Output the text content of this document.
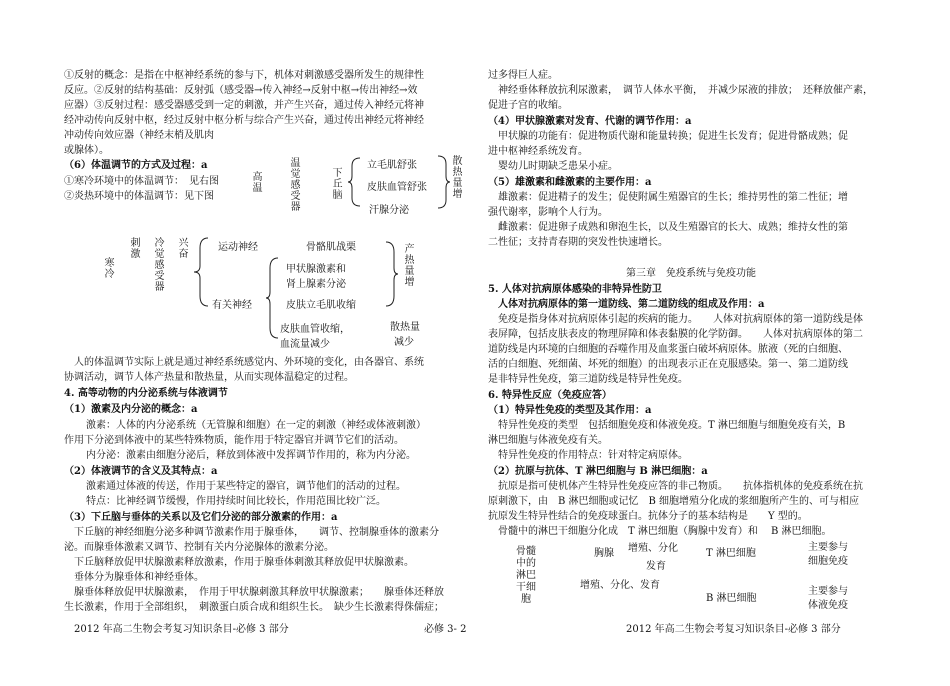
①反射的概念：是指在中枢神经系统的参与下，机体对刺激感受器所发生的规律性
反应。②反射的结构基础：反射弧（感受器→传入神经→反射中枢→传出神经→效
应器）③反射过程：感受器感受到一定的刺激，并产生兴奋，通过传入神经元将神
经冲动传向反射中枢，经过反射中枢分析与综合产生兴奋，通过传出神经元将神经
冲动传向效应器（神经末梢及肌肉
或腺体）。
（6）体温调节的方式及过程：a
①寒冷环境中的体温调节：　见右图
②炎热环境中的体温调节：见下图
高温
温觉感受器
下丘脑
立毛肌舒张
皮肤血管舒张
汗腺分泌
散热量增
寒冷
刺激
冷觉感受器
兴奋
运动神经
有关神经
骨骼肌战栗
甲状腺激素和
肾上腺素分泌
皮肤立毛肌收缩
皮肤血管收缩，
血流量减少
产热量增
散热量
减少
人的体温调节实际上就是通过神经系统感觉内、外环境的变化，由各器官、系统
协调活动，调节人体产热量和散热量，从而实现体温稳定的过程。
4. 高等动物的内分泌系统与体液调节
（1）激素及内分泌的概念：a
激素：人体的内分泌系统（无管腺和细胞）在一定的刺激（神经或体液刺激）
作用下分泌到体液中的某些特殊物质，能作用于特定器官并调节它们的活动。
内分泌：激素由细胞分泌后，释放到体液中发挥调节作用的，称为内分泌。
（2）体液调节的含义及其特点：a
激素通过体液的传送，作用于某些特定的器官，调节他们的活动的过程。
特点：比神经调节缓慢，作用持续时间比较长，作用范围比较广泛。
（3）下丘脑与垂体的关系以及它们分泌的部分激素的作用：a
下丘脑的神经细胞分泌多种调节激素作用于腺垂体，　　调节、控制腺垂体的激素分
泌。而腺垂体激素又调节、控制有关内分泌腺体的激素分泌。
下丘脑释放促甲状腺激素释放激素，作用于腺垂体刺激其释放促甲状腺激素。
垂体分为腺垂体和神经垂体。
腺垂体释放促甲状腺激素，　作用于甲状腺刺激其释放甲状腺激素；　　腺垂体还释放
生长激素，作用于全部组织，　刺激蛋白质合成和组织生长。　缺少生长激素得侏儒症；
2012 年高二生物会考复习知识条目-必修 3 部分	必修 3- 2
过多得巨人症。
神经垂体释放抗利尿激素，　调节人体水平衡，　并减少尿液的排放；　还释放催产素，
促进子宫的收缩。
（4）甲状腺激素对发育、代谢的调节作用：a
甲状腺的功能有：促进物质代谢和能量转换；促进生长发育；促进骨骼成熟；促
进中枢神经系统发育。
婴幼儿时期缺乏患呆小症。
（5）雄激素和雌激素的主要作用：a
雄激素：促进精子的发生；促使附属生殖器官的生长；维持男性的第二性征；增
强代谢率，影响个人行为。
雌激素：促进卵子成熟和卵泡生长，以及生殖器官的长大、成熟；维持女性的第
二性征；支持青春期的突发性快速增长。
第三章　免疫系统与免疫功能
5. 人体对抗病原体感染的非特异性防卫
人体对抗病原体的第一道防线、第二道防线的组成及作用：a
免疫是指身体对抗病原体引起的疾病的能力。　　人体对抗病原体的第一道防线是体
表屏障，包括皮肤表皮的物理屏障和体表黏膜的化学防御。　　人体对抗病原体的第二
道防线是内环境的白细胞的吞噬作用及血浆蛋白破坏病原体。脓液（死的白细胞、
活的白细胞、死细菌、坏死的细胞）的出现表示正在克服感染。第一、第二道防线
是非特异性免疫，第三道防线是特异性免疫。
6. 特异性反应（免疫应答）
（1）特异性免疫的类型及其作用：a
特异性免疫的类型　包括细胞免疫和体液免疫。T 淋巴细胞与细胞免疫有关，B
淋巴细胞与体液免疫有关。
特异性免疫的作用特点：针对特定病原体。
（2）抗原与抗体、T 淋巴细胞与 B 淋巴细胞：a
抗原是指可使机体产生特异性免疫应答的非己物质。　　抗体指机体的免疫系统在抗
原刺激下，由　B 淋巴细胞或记忆　B 细胞增殖分化成的浆细胞所产生的、可与相应
抗原发生特异性结合的免疫球蛋白。抗体分子的基本结构是　　Y 型的。
骨髓中的淋巴干细胞分化成　T 淋巴细胞（胸腺中发育）和　 B 淋巴细胞。
骨髓中的淋巴干细胞
胸腺 增殖、分化
发育
T 淋巴细胞
主要参与
细胞免疫
增殖、分化、发育
B 淋巴细胞
主要参与
体液免疫
2012 年高二生物会考复习知识条目-必修 3 部分
